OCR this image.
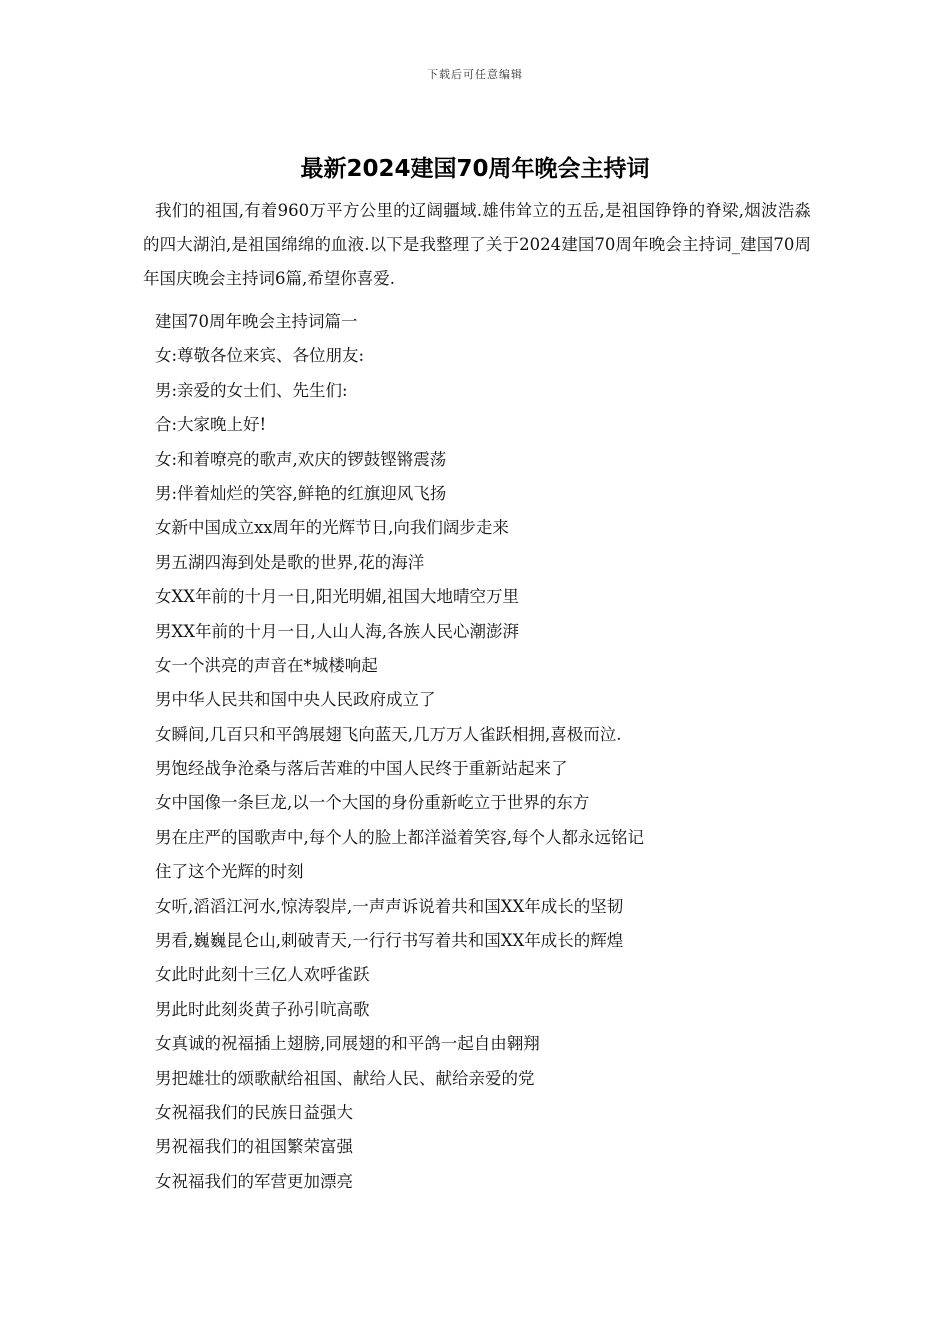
下载后可任意编辑
最新2024建国70周年晚会主持词

我们的祖国,有着960万平方公里的辽阔疆域.雄伟耸立的五岳,是祖国铮铮的脊梁,烟波浩淼的四大湖泊,是祖国绵绵的血液.以下是我整理了关于2024建国70周年晚会主持词_建国70周年国庆晚会主持词6篇,希望你喜爱.

建国70周年晚会主持词篇一
女:尊敬各位来宾、各位朋友:
男:亲爱的女士们、先生们:
合:大家晚上好!
女:和着嘹亮的歌声,欢庆的锣鼓铿锵震荡
男:伴着灿烂的笑容,鲜艳的红旗迎风飞扬
女新中国成立xx周年的光辉节日,向我们阔步走来
男五湖四海到处是歌的世界,花的海洋
女XX年前的十月一日,阳光明媚,祖国大地晴空万里
男XX年前的十月一日,人山人海,各族人民心潮澎湃
女一个洪亮的声音在*城楼响起
男中华人民共和国中央人民政府成立了
女瞬间,几百只和平鸽展翅飞向蓝天,几万万人雀跃相拥,喜极而泣.
男饱经战争沧桑与落后苦难的中国人民终于重新站起来了
女中国像一条巨龙,以一个大国的身份重新屹立于世界的东方
男在庄严的国歌声中,每个人的脸上都洋溢着笑容,每个人都永远铭记
住了这个光辉的时刻
女听,滔滔江河水,惊涛裂岸,一声声诉说着共和国XX年成长的坚韧
男看,巍巍昆仑山,刺破青天,一行行书写着共和国XX年成长的辉煌
女此时此刻十三亿人欢呼雀跃
男此时此刻炎黄子孙引吭高歌
女真诚的祝福插上翅膀,同展翅的和平鸽一起自由翱翔
男把雄壮的颂歌献给祖国、献给人民、献给亲爱的党
女祝福我们的民族日益强大
男祝福我们的祖国繁荣富强
女祝福我们的军营更加漂亮
